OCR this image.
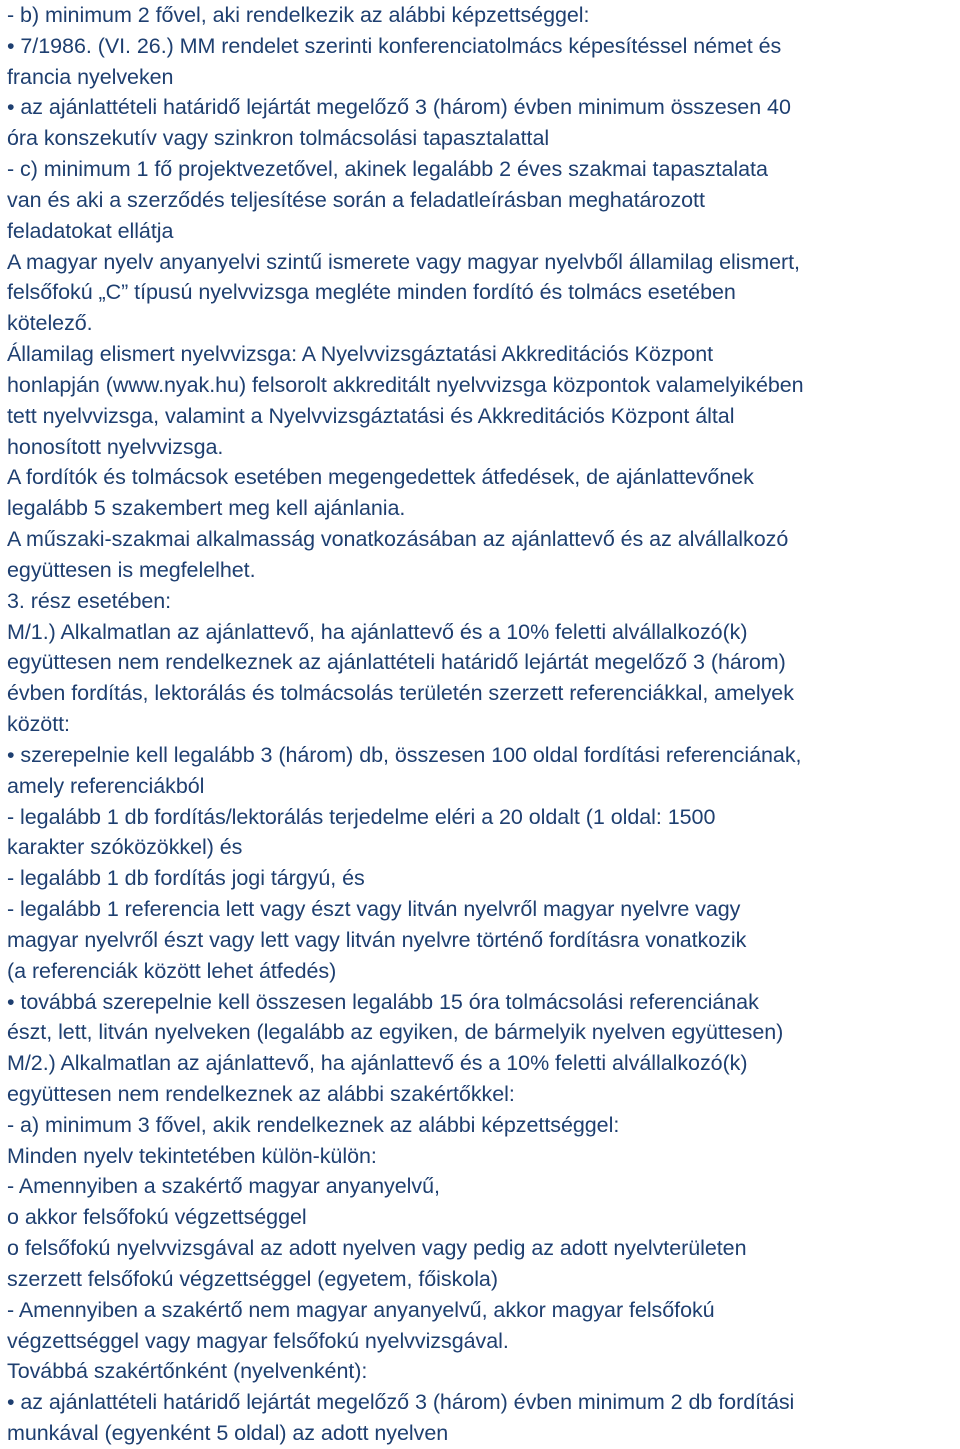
- b) minimum 2 fővel, aki rendelkezik az alábbi képzettséggel:
• 7/1986. (VI. 26.) MM rendelet szerinti konferenciatolmács képesítéssel német és
francia nyelveken
• az ajánlattételi határidő lejártát megelőző 3 (három) évben minimum összesen 40
óra konszekutív vagy szinkron tolmácsolási tapasztalattal
- c) minimum 1 fő projektvezetővel, akinek legalább 2 éves szakmai tapasztalata
van és aki a szerződés teljesítése során a feladatleírásban meghatározott
feladatokat ellátja
A magyar nyelv anyanyelvi szintű ismerete vagy magyar nyelvből államilag elismert,
felsőfokú „C” típusú nyelvvizsga megléte minden fordító és tolmács esetében
kötelező.
Államilag elismert nyelvvizsga: A Nyelvvizsgáztatási Akkreditációs Központ
honlapján (www.nyak.hu) felsorolt akkreditált nyelvvizsga központok valamelyikében
tett nyelvvizsga, valamint a Nyelvvizsgáztatási és Akkreditációs Központ által
honosított nyelvvizsga.
A fordítók és tolmácsok esetében megengedettek átfedések, de ajánlattevőnek
legalább 5 szakembert meg kell ajánlania.
A műszaki-szakmai alkalmasság vonatkozásában az ajánlattevő és az alvállalkozó
együttesen is megfelelhet.
3. rész esetében:
M/1.) Alkalmatlan az ajánlattevő, ha ajánlattevő és a 10% feletti alvállalkozó(k)
együttesen nem rendelkeznek az ajánlattételi határidő lejártát megelőző 3 (három)
évben fordítás, lektorálás és tolmácsolás területén szerzett referenciákkal, amelyek
között:
• szerepelnie kell legalább 3 (három) db, összesen 100 oldal fordítási referenciának,
amely referenciákból
- legalább 1 db fordítás/lektorálás terjedelme eléri a 20 oldalt (1 oldal: 1500
karakter szóközökkel) és
- legalább 1 db fordítás jogi tárgyú, és
- legalább 1 referencia lett vagy észt vagy litván nyelvről magyar nyelvre vagy
magyar nyelvről észt vagy lett vagy litván nyelvre történő fordításra vonatkozik
(a referenciák között lehet átfedés)
• továbbá szerepelnie kell összesen legalább 15 óra tolmácsolási referenciának
észt, lett, litván nyelveken (legalább az egyiken, de bármelyik nyelven együttesen)
M/2.) Alkalmatlan az ajánlattevő, ha ajánlattevő és a 10% feletti alvállalkozó(k)
együttesen nem rendelkeznek az alábbi szakértőkkel:
- a) minimum 3 fővel, akik rendelkeznek az alábbi képzettséggel:
Minden nyelv tekintetében külön-külön:
- Amennyiben a szakértő magyar anyanyelvű,
o akkor felsőfokú végzettséggel
o felsőfokú nyelvvizsgával az adott nyelven vagy pedig az adott nyelvterületen
szerzett felsőfokú végzettséggel (egyetem, főiskola)
- Amennyiben a szakértő nem magyar anyanyelvű, akkor magyar felsőfokú
végzettséggel vagy magyar felsőfokú nyelvvizsgával.
Továbbá szakértőnként (nyelvenként):
• az ajánlattételi határidő lejártát megelőző 3 (három) évben minimum 2 db fordítási
munkával (egyenként 5 oldal) az adott nyelven
